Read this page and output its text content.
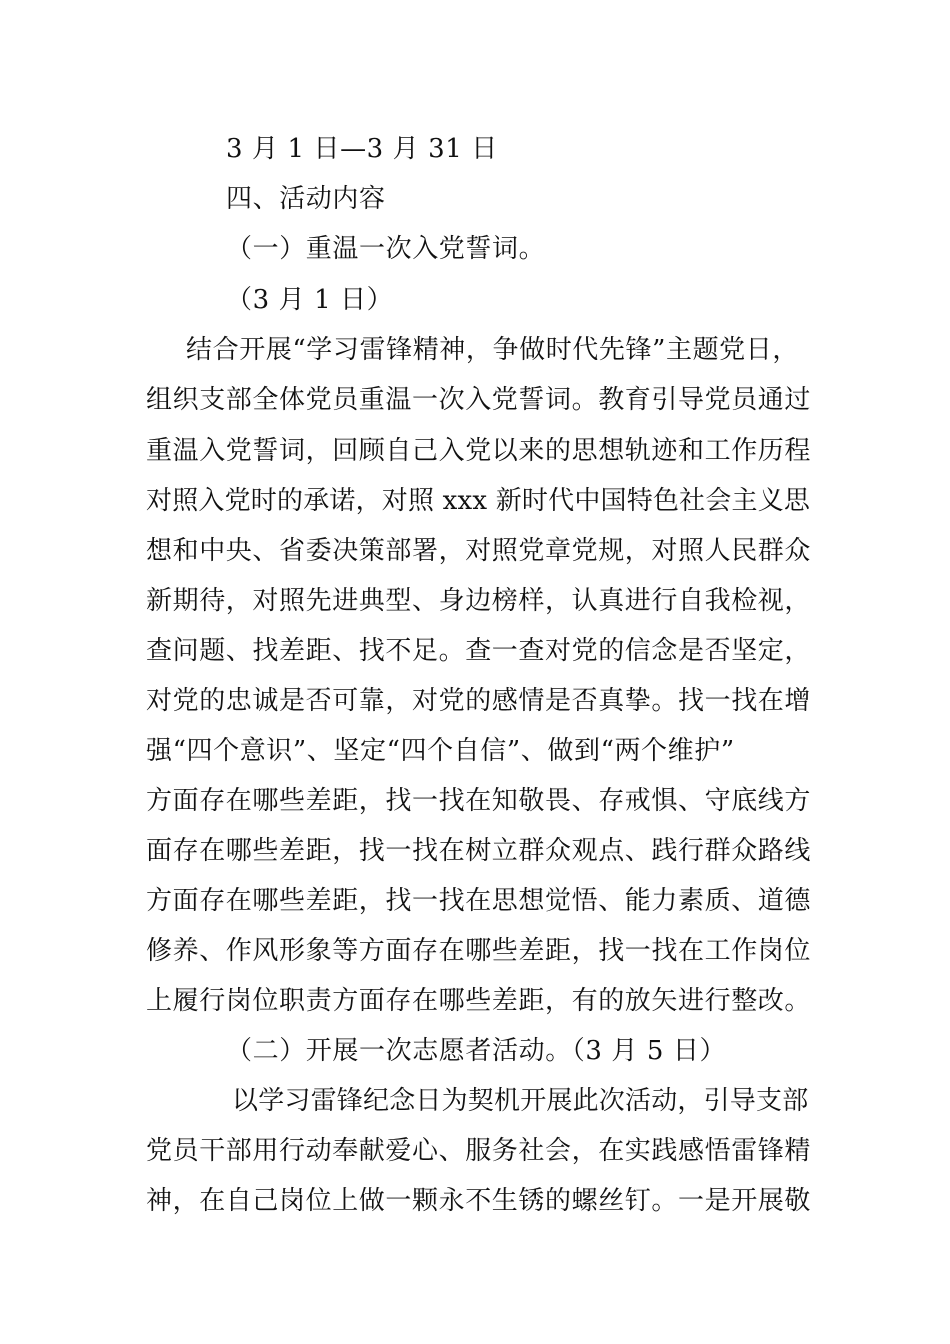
3 月 1 日—3 月 31 日
四、活动内容
（一）重温一次入党誓词。
（3 月 1 日）
结合开展“学习雷锋精神，争做时代先锋”主题党日，
组织支部全体党员重温一次入党誓词。教育引导党员通过
重温入党誓词，回顾自己入党以来的思想轨迹和工作历程
对照入党时的承诺，对照 xxx 新时代中国特色社会主义思
想和中央、省委决策部署，对照党章党规，对照人民群众
新期待，对照先进典型、身边榜样，认真进行自我检视，
查问题、找差距、找不足。查一查对党的信念是否坚定，
对党的忠诚是否可靠，对党的感情是否真挚。找一找在增
强“四个意识”、坚定“四个自信”、做到“两个维护”
方面存在哪些差距，找一找在知敬畏、存戒惧、守底线方
面存在哪些差距，找一找在树立群众观点、践行群众路线
方面存在哪些差距，找一找在思想觉悟、能力素质、道德
修养、作风形象等方面存在哪些差距，找一找在工作岗位
上履行岗位职责方面存在哪些差距，有的放矢进行整改。
（二）开展一次志愿者活动。（3 月 5 日）
以学习雷锋纪念日为契机开展此次活动，引导支部
党员干部用行动奉献爱心、服务社会，在实践感悟雷锋精
神，在自己岗位上做一颗永不生锈的螺丝钉。一是开展敬
